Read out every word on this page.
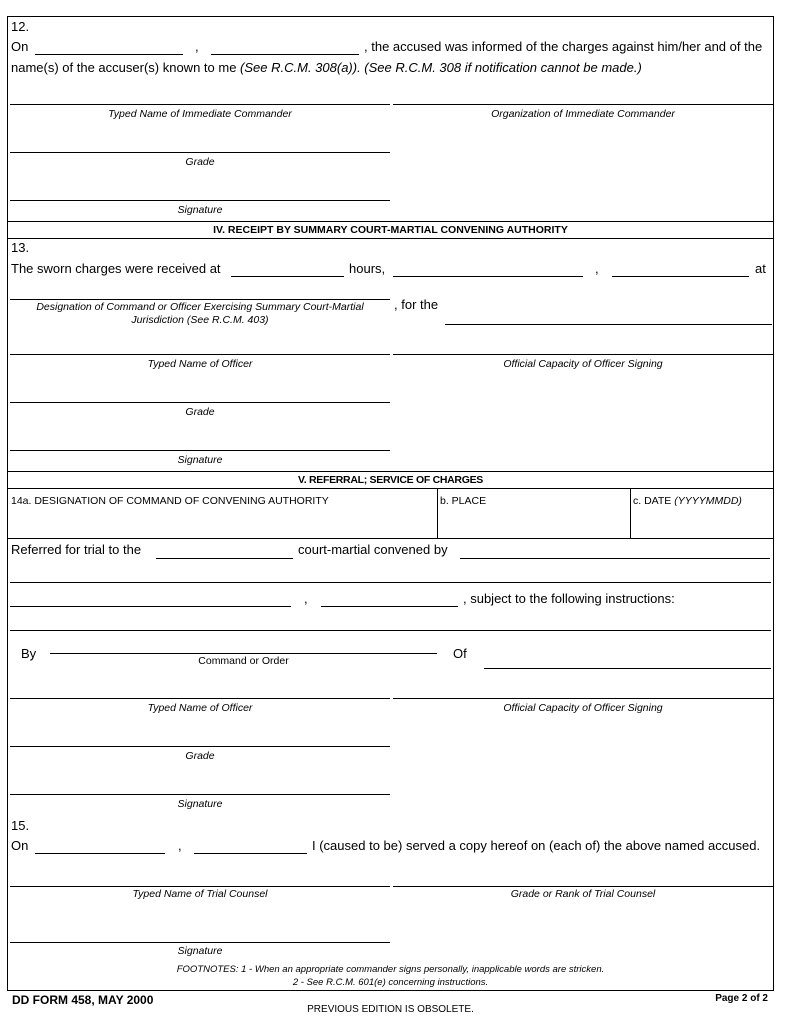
12.
On	,	, the accused was informed of the charges against him/her and of the
name(s) of the accuser(s) known to me (See R.C.M. 308(a)). (See R.C.M. 308 if notification cannot be made.)
Typed Name of Immediate Commander	Organization of Immediate Commander
Grade
Signature
IV. RECEIPT BY SUMMARY COURT-MARTIAL CONVENING AUTHORITY
13.
The sworn charges were received at	hours,	,	at
Designation of Command or Officer Exercising Summary Court-Martial
Jurisdiction (See R.C.M. 403)
, for the
Typed Name of Officer	Official Capacity of Officer Signing
Grade
Signature
V. REFERRAL; SERVICE OF CHARGES
14a. DESIGNATION OF COMMAND OF CONVENING AUTHORITY	b. PLACE	c. DATE (YYYYMMDD)
Referred for trial to the	court-martial convened by
,	, subject to the following instructions:
By	Command or Order	Of
Typed Name of Officer	Official Capacity of Officer Signing
Grade
Signature
15.
On	,	I (caused to be) served a copy hereof on (each of) the above named accused.
Typed Name of Trial Counsel	Grade or Rank of Trial Counsel
Signature
FOOTNOTES: 1 - When an appropriate commander signs personally, inapplicable words are stricken.
2 - See R.C.M. 601(e) concerning instructions.
DD FORM 458, MAY 2000	Page 2 of 2
PREVIOUS EDITION IS OBSOLETE.
